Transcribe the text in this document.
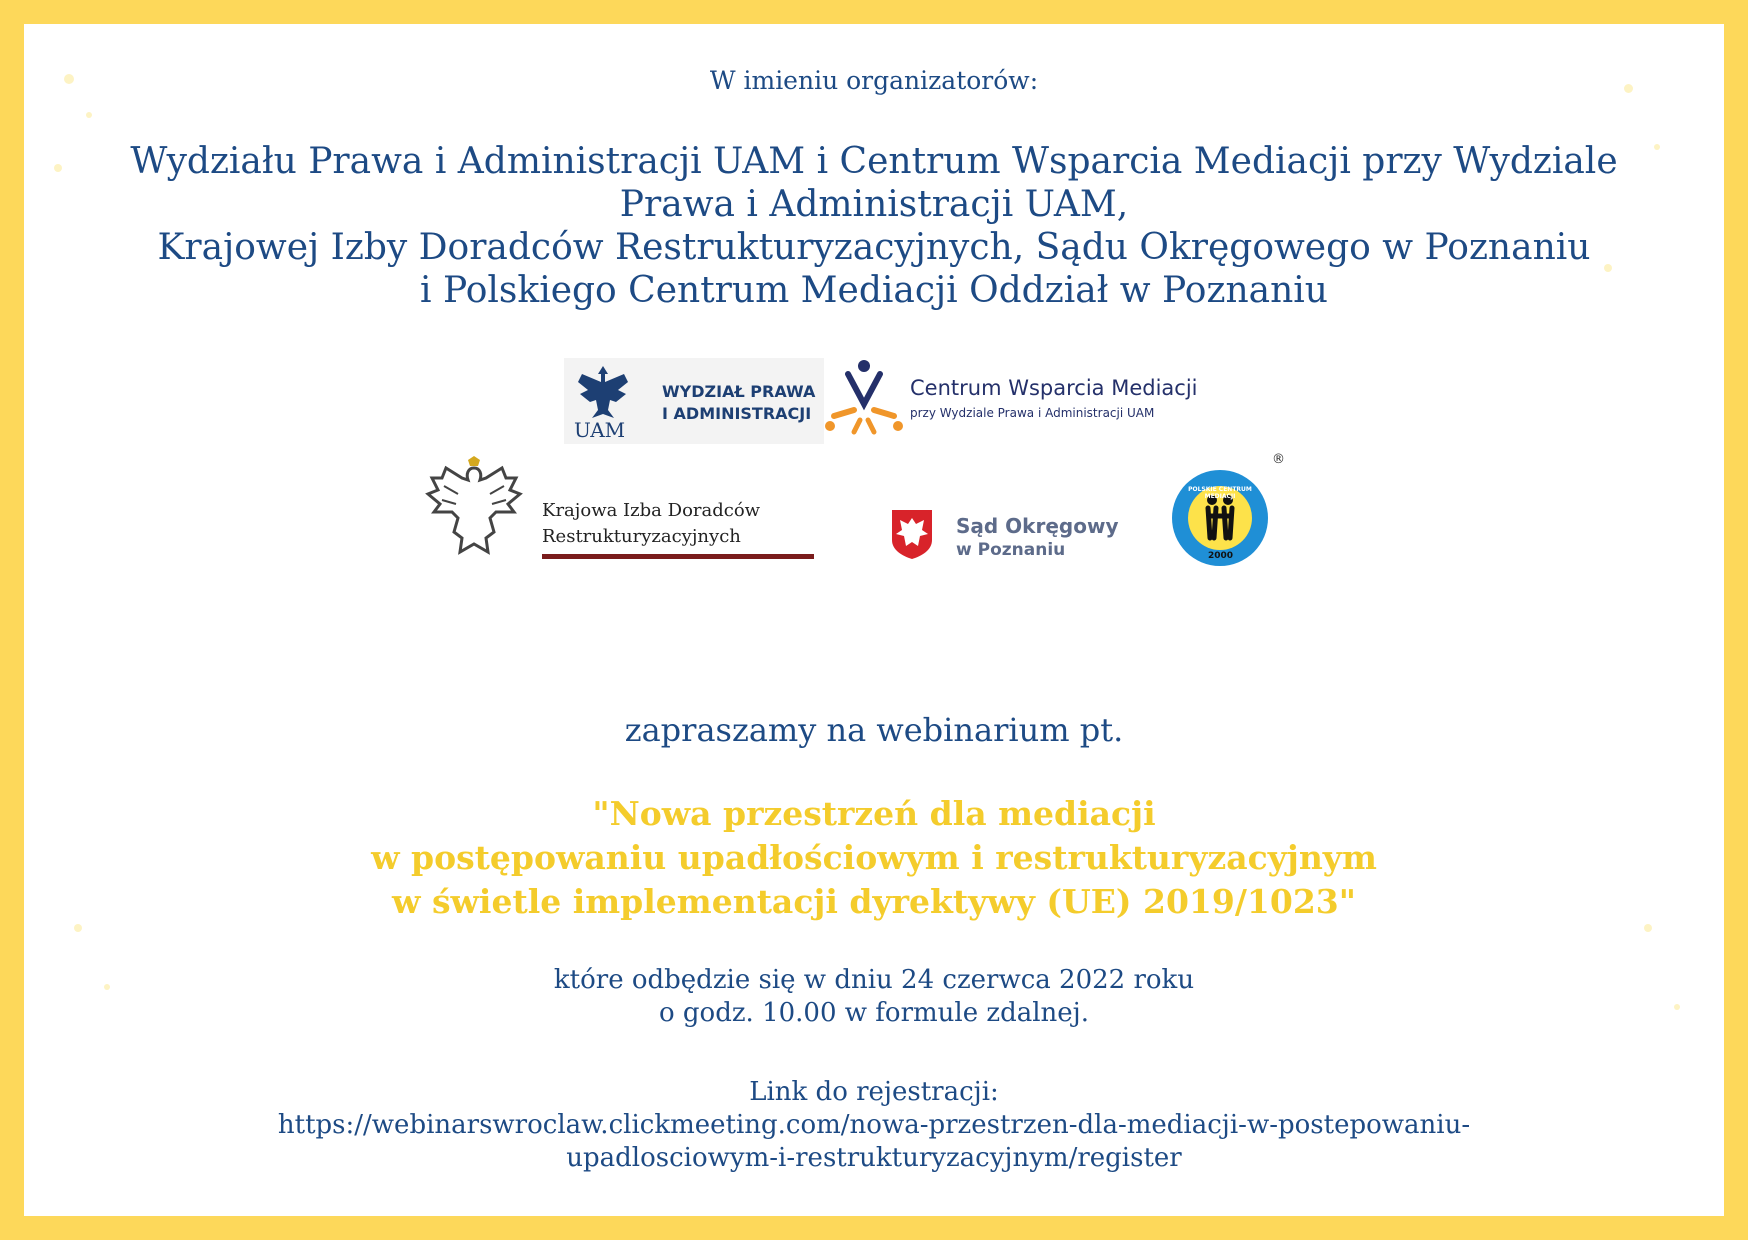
W imieniu organizatorów:
Wydziału Prawa i Administracji UAM i Centrum Wsparcia Mediacji przy Wydziale
Prawa i Administracji UAM,
Krajowej Izby Doradców Restrukturyzacyjnych, Sądu Okręgowego w Poznaniu
i Polskiego Centrum Mediacji Oddział w Poznaniu
UAM
WYDZIAŁ PRAWA
I ADMINISTRACJI
Centrum Wsparcia Mediacji
przy Wydziale Prawa i Administracji UAM
Krajowa Izba Doradców
Restrukturyzacyjnych	Sąd Okręgowy
w Poznaniu
POLSKIE CENTRUM MEDIACJI
2000
®
zapraszamy na webinarium pt.
"Nowa przestrzeń dla mediacji
w postępowaniu upadłościowym i restrukturyzacyjnym
w świetle implementacji dyrektywy (UE) 2019/1023"
które odbędzie się w dniu 24 czerwca 2022 roku
o godz. 10.00 w formule zdalnej.
Link do rejestracji:
https://webinarswroclaw.clickmeeting.com/nowa-przestrzen-dla-mediacji-w-postepowaniu-
upadlosciowym-i-restrukturyzacyjnym/register
